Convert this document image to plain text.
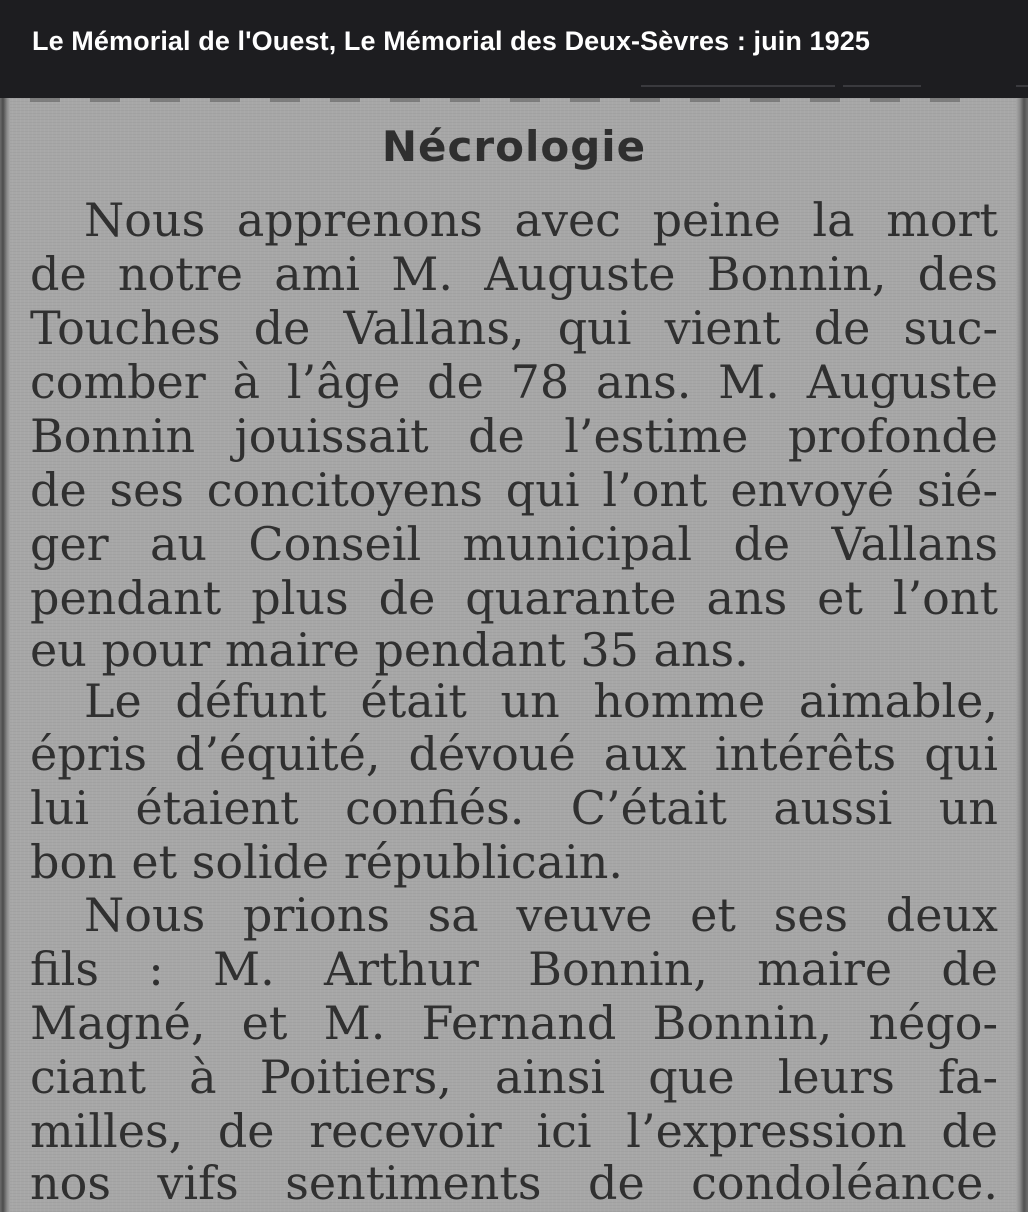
Le Mémorial de l'Ouest, Le Mémorial des Deux-Sèvres : juin 1925
Nécrologie
Nous apprenons avec peine la mort
de notre ami M. Auguste Bonnin, des
Touches de Vallans, qui vient de suc-
comber à l’âge de 78 ans. M. Auguste
Bonnin jouissait de l’estime profonde
de ses concitoyens qui l’ont envoyé sié-
ger au Conseil municipal de Vallans
pendant plus de quarante ans et l’ont
eu pour maire pendant 35 ans.
Le défunt était un homme aimable,
épris d’équité, dévoué aux intérêts qui
lui étaient confiés. C’était aussi un
bon et solide républicain.
Nous prions sa veuve et ses deux
fils : M. Arthur Bonnin, maire de
Magné, et M. Fernand Bonnin, négo-
ciant à Poitiers, ainsi que leurs fa-
milles, de recevoir ici l’expression de
nos vifs sentiments de condoléance.
